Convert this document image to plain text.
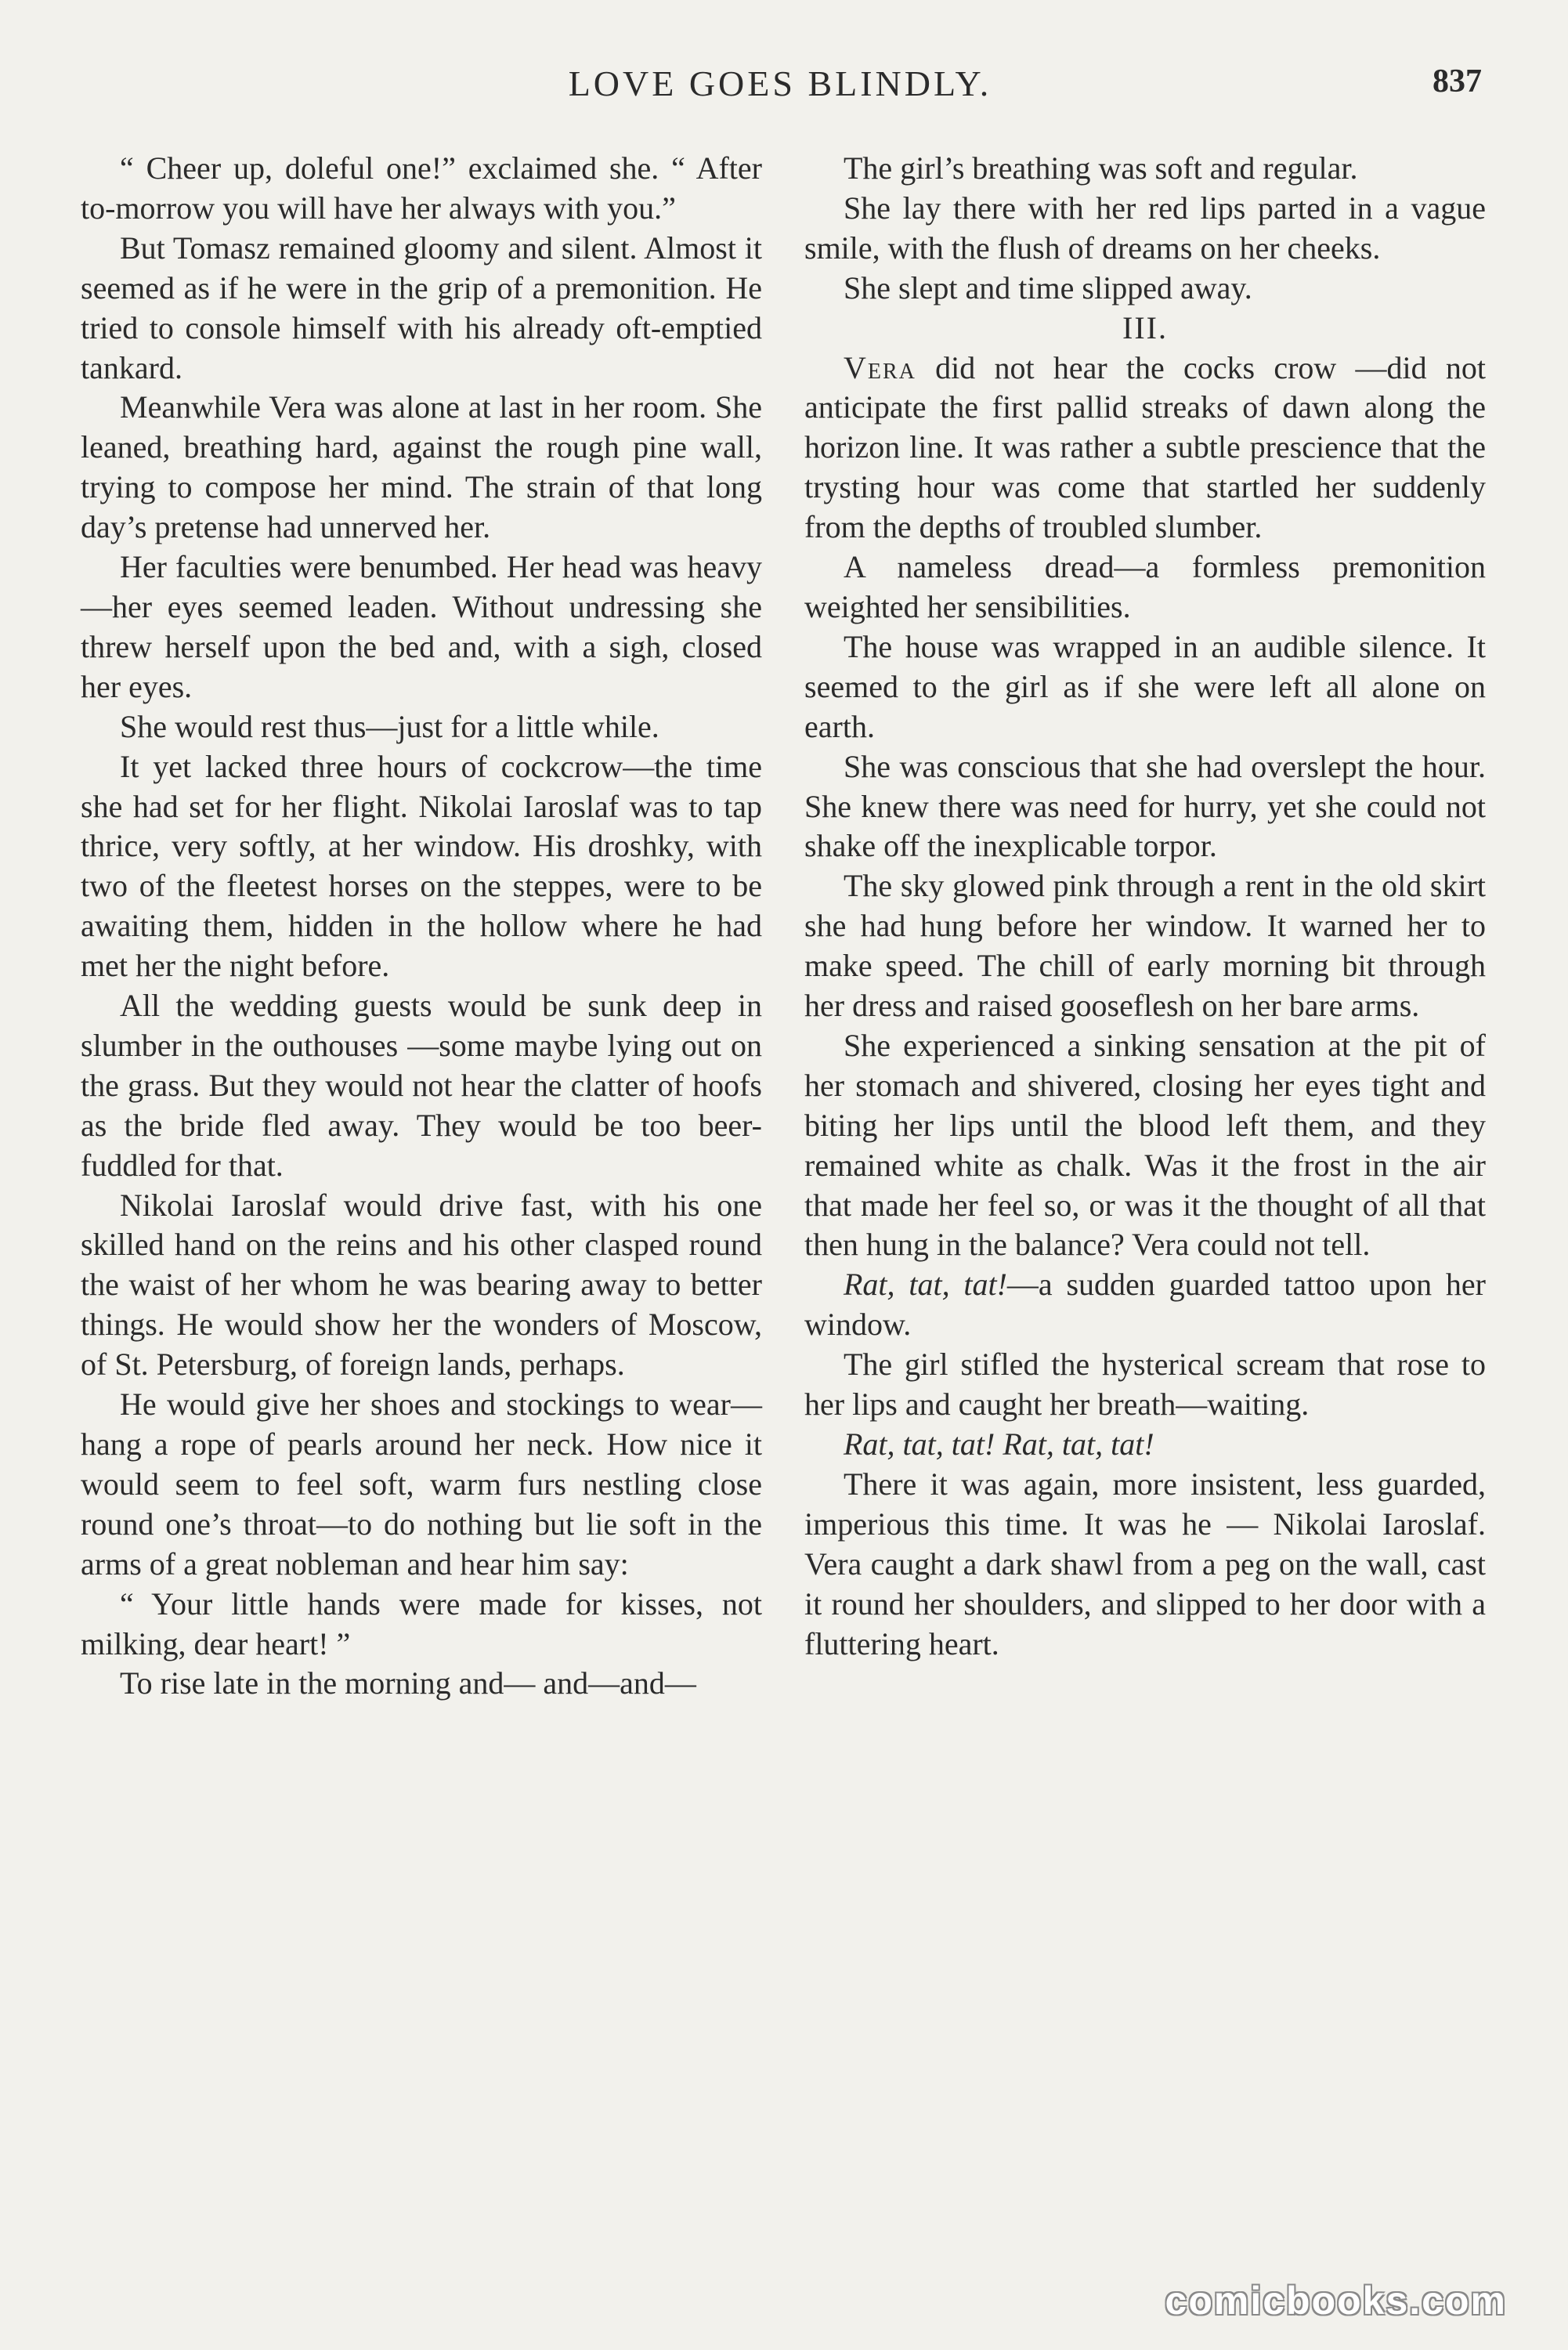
LOVE GOES BLINDLY.	837

“ Cheer up, doleful one!” exclaimed she. “ After to-morrow you will have her always with you.”

But Tomasz remained gloomy and silent. Almost it seemed as if he were in the grip of a premonition. He tried to console himself with his already oft-emptied tankard.

Meanwhile Vera was alone at last in her room. She leaned, breathing hard, against the rough pine wall, trying to compose her mind. The strain of that long day’s pretense had unnerved her.

Her faculties were benumbed. Her head was heavy—her eyes seemed leaden. Without undressing she threw herself upon the bed and, with a sigh, closed her eyes.

She would rest thus—just for a little while.

It yet lacked three hours of cockcrow—the time she had set for her flight. Nikolai Iaroslaf was to tap thrice, very softly, at her window. His droshky, with two of the fleetest horses on the steppes, were to be awaiting them, hidden in the hollow where he had met her the night before.

All the wedding guests would be sunk deep in slumber in the outhouses —some maybe lying out on the grass. But they would not hear the clatter of hoofs as the bride fled away. They would be too beer-fuddled for that.

Nikolai Iaroslaf would drive fast, with his one skilled hand on the reins and his other clasped round the waist of her whom he was bearing away to better things. He would show her the wonders of Moscow, of St. Petersburg, of foreign lands, perhaps.

He would give her shoes and stockings to wear—hang a rope of pearls around her neck. How nice it would seem to feel soft, warm furs nestling close round one’s throat—to do nothing but lie soft in the arms of a great nobleman and hear him say:

“ Your little hands were made for kisses, not milking, dear heart! ”

To rise late in the morning and— and—and—

The girl’s breathing was soft and regular.

She lay there with her red lips parted in a vague smile, with the flush of dreams on her cheeks.

She slept and time slipped away.

III.

Vera did not hear the cocks crow —did not anticipate the first pallid streaks of dawn along the horizon line. It was rather a subtle prescience that the trysting hour was come that startled her suddenly from the depths of troubled slumber.

A nameless dread—a formless premonition weighted her sensibilities.

The house was wrapped in an audible silence. It seemed to the girl as if she were left all alone on earth.

She was conscious that she had overslept the hour. She knew there was need for hurry, yet she could not shake off the inexplicable torpor.

The sky glowed pink through a rent in the old skirt she had hung before her window. It warned her to make speed. The chill of early morning bit through her dress and raised gooseflesh on her bare arms.

She experienced a sinking sensation at the pit of her stomach and shivered, closing her eyes tight and biting her lips until the blood left them, and they remained white as chalk. Was it the frost in the air that made her feel so, or was it the thought of all that then hung in the balance? Vera could not tell.

Rat, tat, tat!—a sudden guarded tattoo upon her window.

The girl stifled the hysterical scream that rose to her lips and caught her breath—waiting.

Rat, tat, tat! Rat, tat, tat!

There it was again, more insistent, less guarded, imperious this time. It was he — Nikolai Iaroslaf. Vera caught a dark shawl from a peg on the wall, cast it round her shoulders, and slipped to her door with a fluttering heart.

comicbooks.com
